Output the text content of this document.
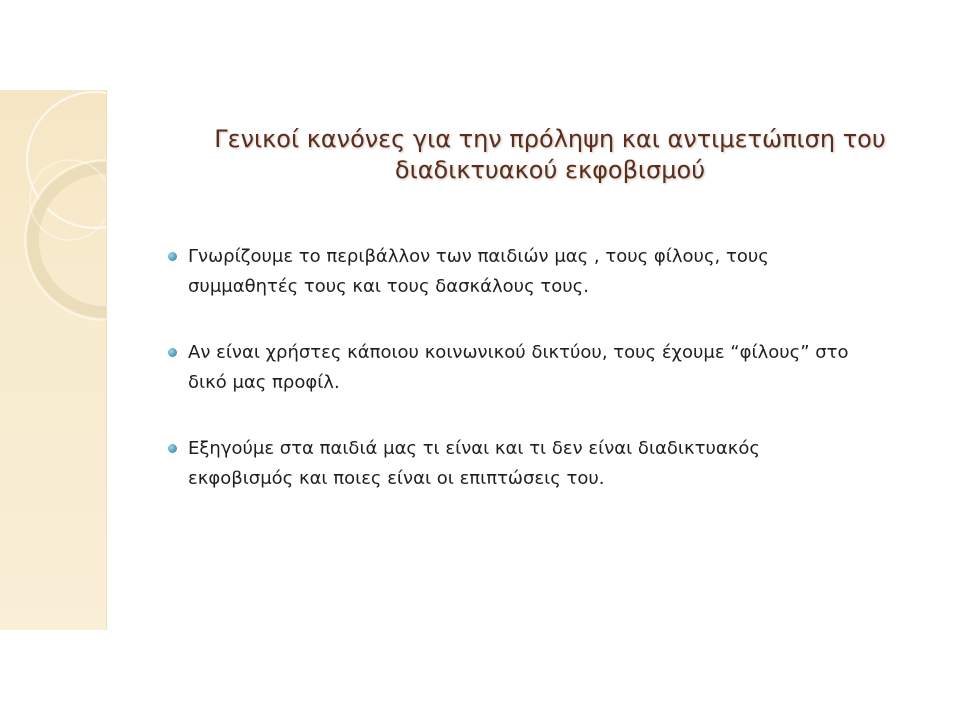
Γενικοί κανόνες για την πρόληψη και αντιμετώπιση του
διαδικτυακού εκφοβισμού
Γνωρίζουμε το περιβάλλον των παιδιών μας , τους φίλους, τους
συμμαθητές τους και τους δασκάλους τους.
Αν είναι χρήστες κάποιου κοινωνικού δικτύου, τους έχουμε “φίλους” στο
δικό μας προφίλ.
Εξηγούμε στα παιδιά μας τι είναι και τι δεν είναι διαδικτυακός
εκφοβισμός και ποιες είναι οι επιπτώσεις του.
